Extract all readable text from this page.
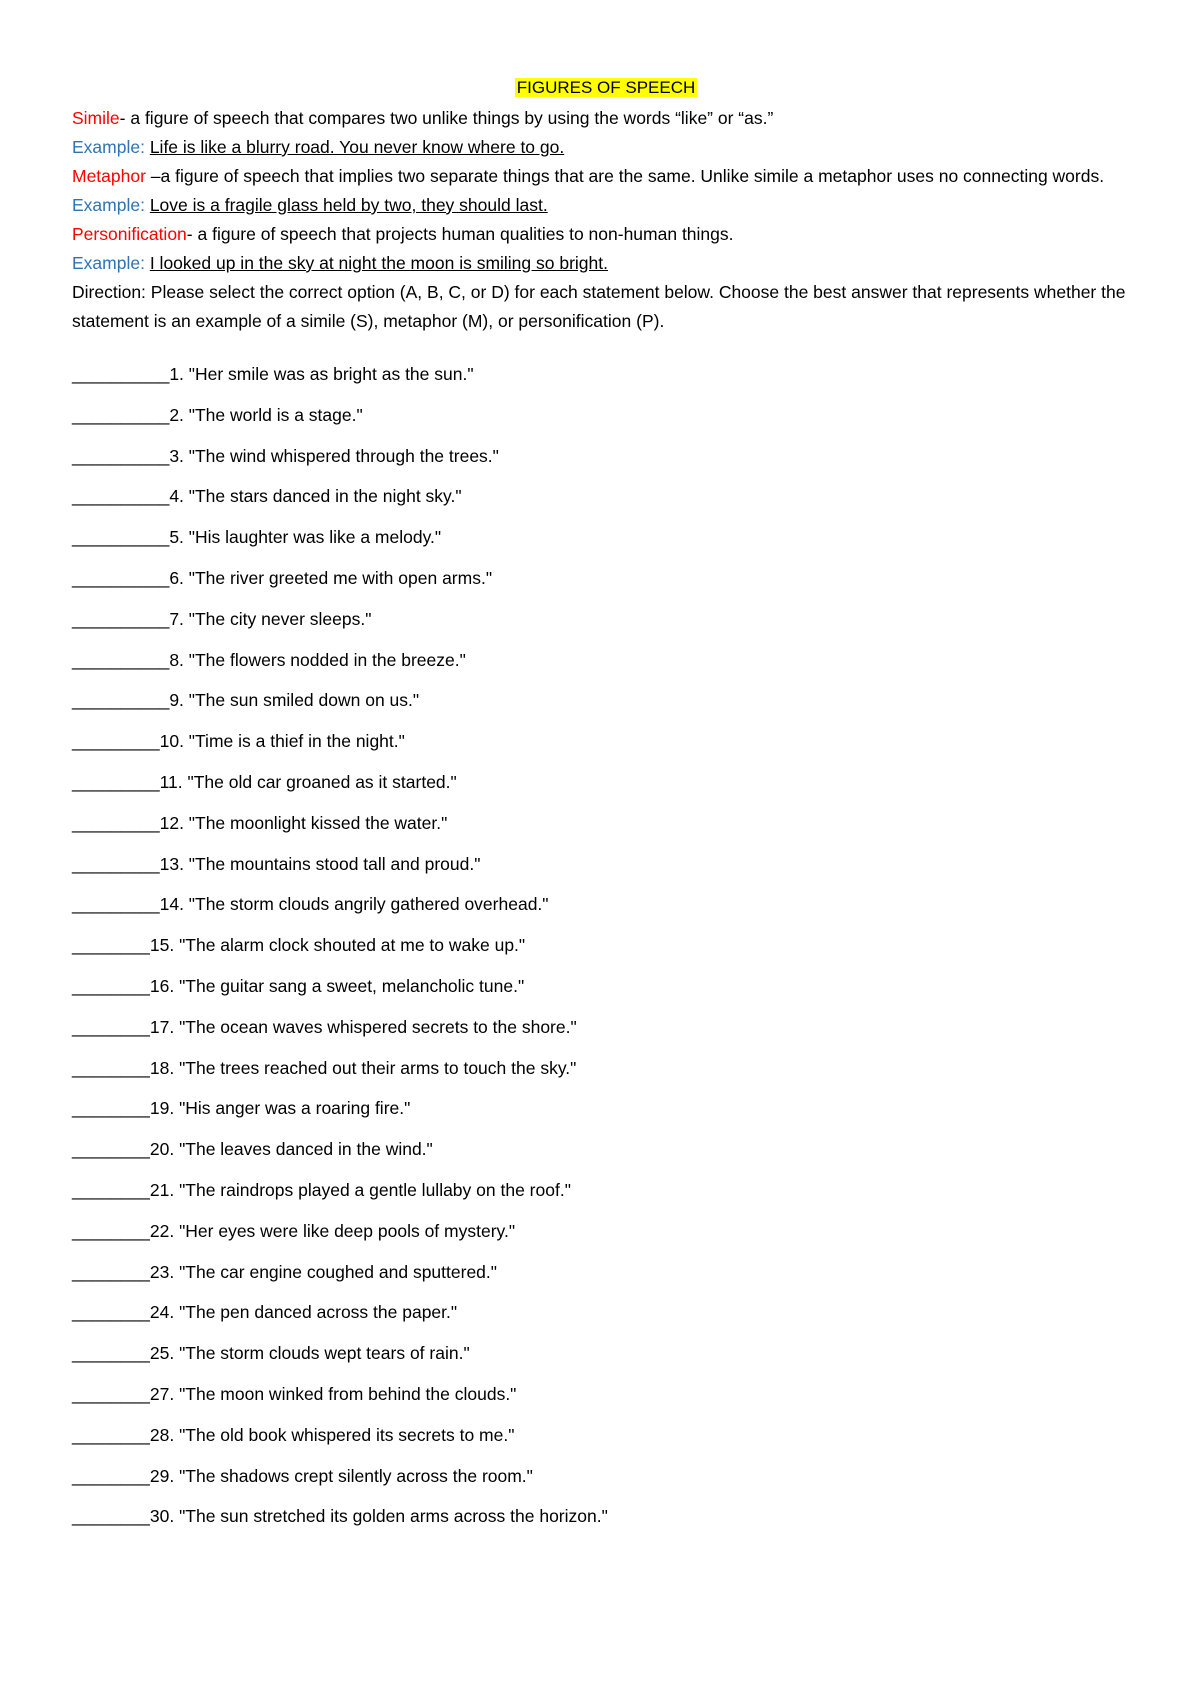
FIGURES OF SPEECH
Simile- a figure of speech that compares two unlike things by using the words “like” or “as.”
Example: Life is like a blurry road. You never know where to go.
Metaphor –a figure of speech that implies two separate things that are the same. Unlike simile a metaphor uses no connecting words.
Example: Love is a fragile glass held by two, they should last.
Personification- a figure of speech that projects human qualities to non-human things.
Example: I looked up in the sky at night the moon is smiling so bright.
Direction: Please select the correct option (A, B, C, or D) for each statement below. Choose the best answer that represents whether the statement is an example of a simile (S), metaphor (M), or personification (P).
__________1. "Her smile was as bright as the sun."
__________2. "The world is a stage."
__________3. "The wind whispered through the trees."
__________4. "The stars danced in the night sky."
__________5. "His laughter was like a melody."
__________6. "The river greeted me with open arms."
__________7. "The city never sleeps."
__________8. "The flowers nodded in the breeze."
__________9. "The sun smiled down on us."
_________10. "Time is a thief in the night."
_________11. "The old car groaned as it started."
_________12. "The moonlight kissed the water."
_________13. "The mountains stood tall and proud."
_________14. "The storm clouds angrily gathered overhead."
________15. "The alarm clock shouted at me to wake up."
________16. "The guitar sang a sweet, melancholic tune."
________17. "The ocean waves whispered secrets to the shore."
________18. "The trees reached out their arms to touch the sky."
________19. "His anger was a roaring fire."
________20. "The leaves danced in the wind."
________21. "The raindrops played a gentle lullaby on the roof."
________22. "Her eyes were like deep pools of mystery."
________23. "The car engine coughed and sputtered."
________24. "The pen danced across the paper."
________25. "The storm clouds wept tears of rain."
________27. "The moon winked from behind the clouds."
________28. "The old book whispered its secrets to me."
________29. "The shadows crept silently across the room."
________30. "The sun stretched its golden arms across the horizon."
